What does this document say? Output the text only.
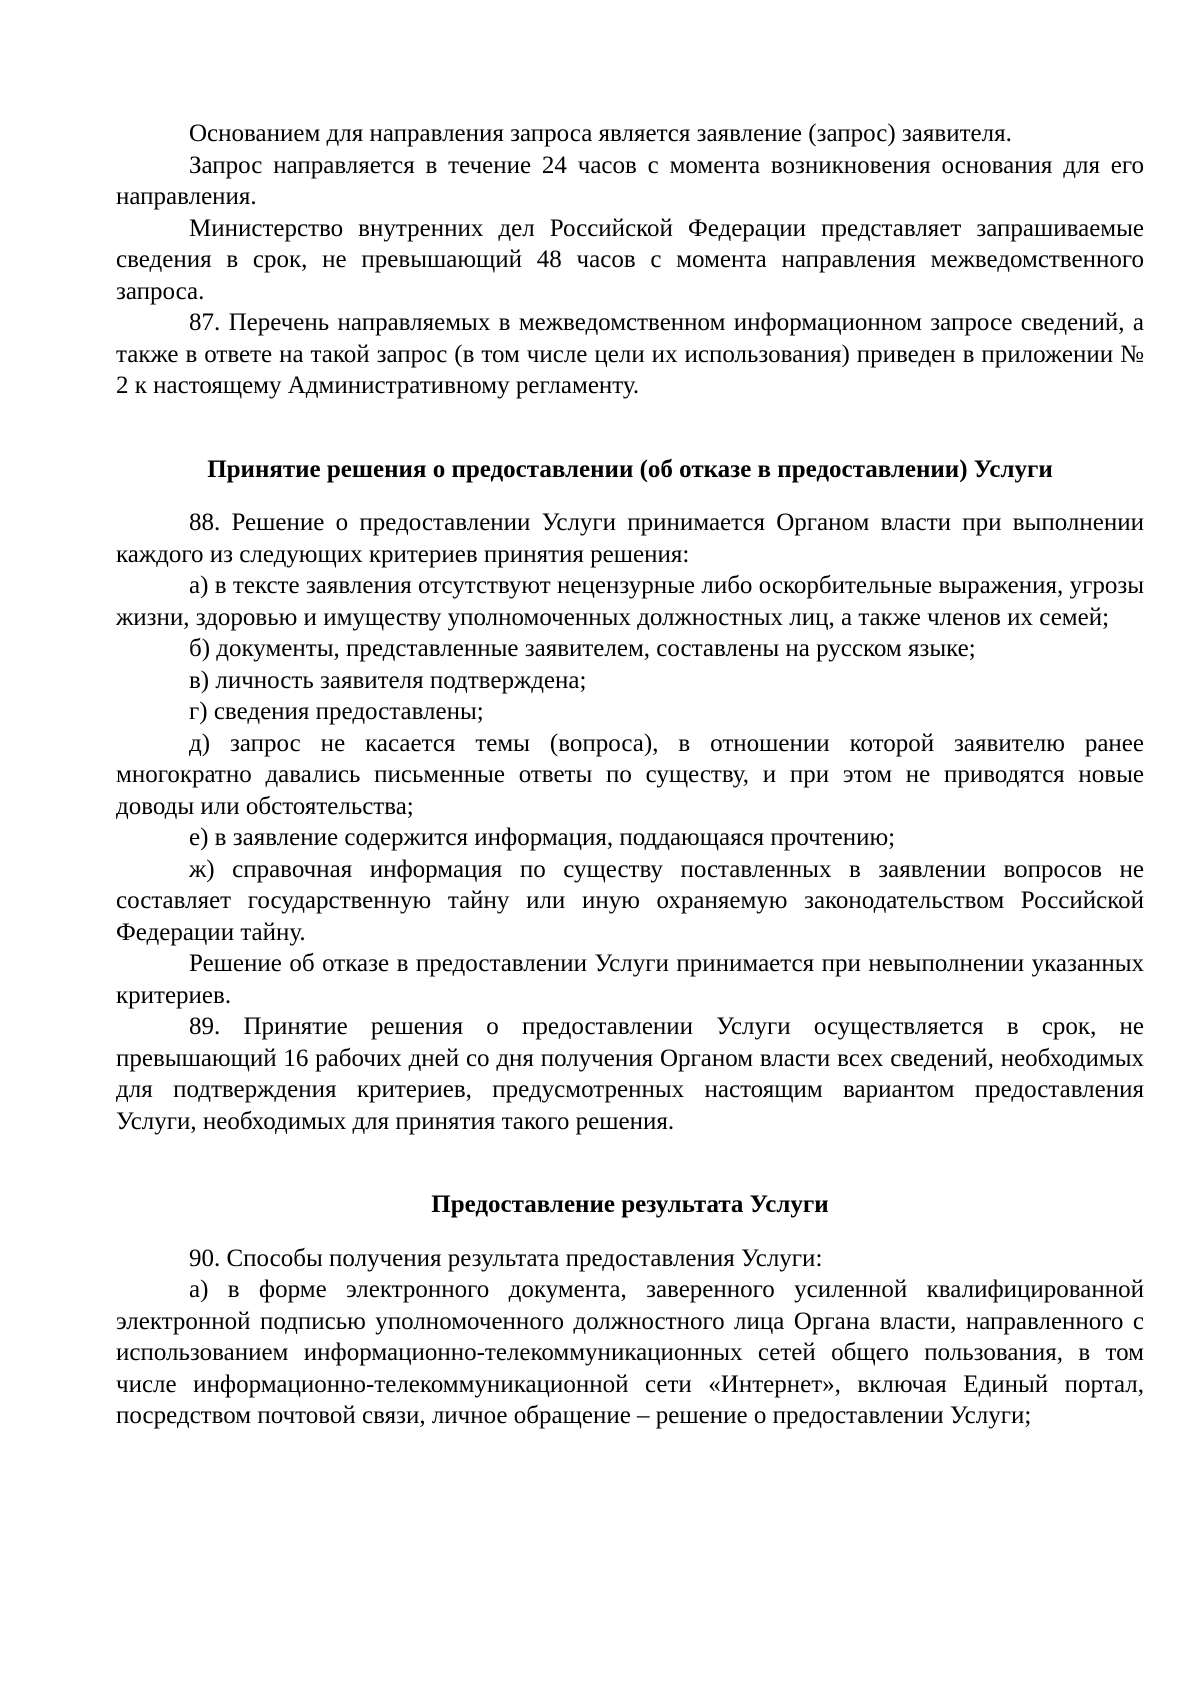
Основанием для направления запроса является заявление (запрос) заявителя.

Запрос направляется в течение 24 часов с момента возникновения основания для его направления.

Министерство внутренних дел Российской Федерации представляет запрашиваемые сведения в срок, не превышающий 48 часов с момента направления межведомственного запроса.

87. Перечень направляемых в межведомственном информационном запросе сведений, а также в ответе на такой запрос (в том числе цели их использования) приведен в приложении № 2 к настоящему Административному регламенту.

Принятие решения о предоставлении (об отказе в предоставлении) Услуги

88. Решение о предоставлении Услуги принимается Органом власти при выполнении каждого из следующих критериев принятия решения:

а) в тексте заявления отсутствуют нецензурные либо оскорбительные выражения, угрозы жизни, здоровью и имуществу уполномоченных должностных лиц, а также членов их семей;

б) документы, представленные заявителем, составлены на русском языке;

в) личность заявителя подтверждена;

г) сведения предоставлены;

д) запрос не касается темы (вопроса), в отношении которой заявителю ранее многократно давались письменные ответы по существу, и при этом не приводятся новые доводы или обстоятельства;

е) в заявление содержится информация, поддающаяся прочтению;

ж) справочная информация по существу поставленных в заявлении вопросов не составляет государственную тайну или иную охраняемую законодательством Российской Федерации тайну.

Решение об отказе в предоставлении Услуги принимается при невыполнении указанных критериев.

89. Принятие решения о предоставлении Услуги осуществляется в срок, не превышающий 16 рабочих дней со дня получения Органом власти всех сведений, необходимых для подтверждения критериев, предусмотренных настоящим вариантом предоставления Услуги, необходимых для принятия такого решения.

Предоставление результата Услуги

90. Способы получения результата предоставления Услуги:

а) в форме электронного документа, заверенного усиленной квалифицированной электронной подписью уполномоченного должностного лица Органа власти, направленного с использованием информационно-телекоммуникационных сетей общего пользования, в том числе информационно-телекоммуникационной сети «Интернет», включая Единый портал, посредством почтовой связи, личное обращение – решение о предоставлении Услуги;
